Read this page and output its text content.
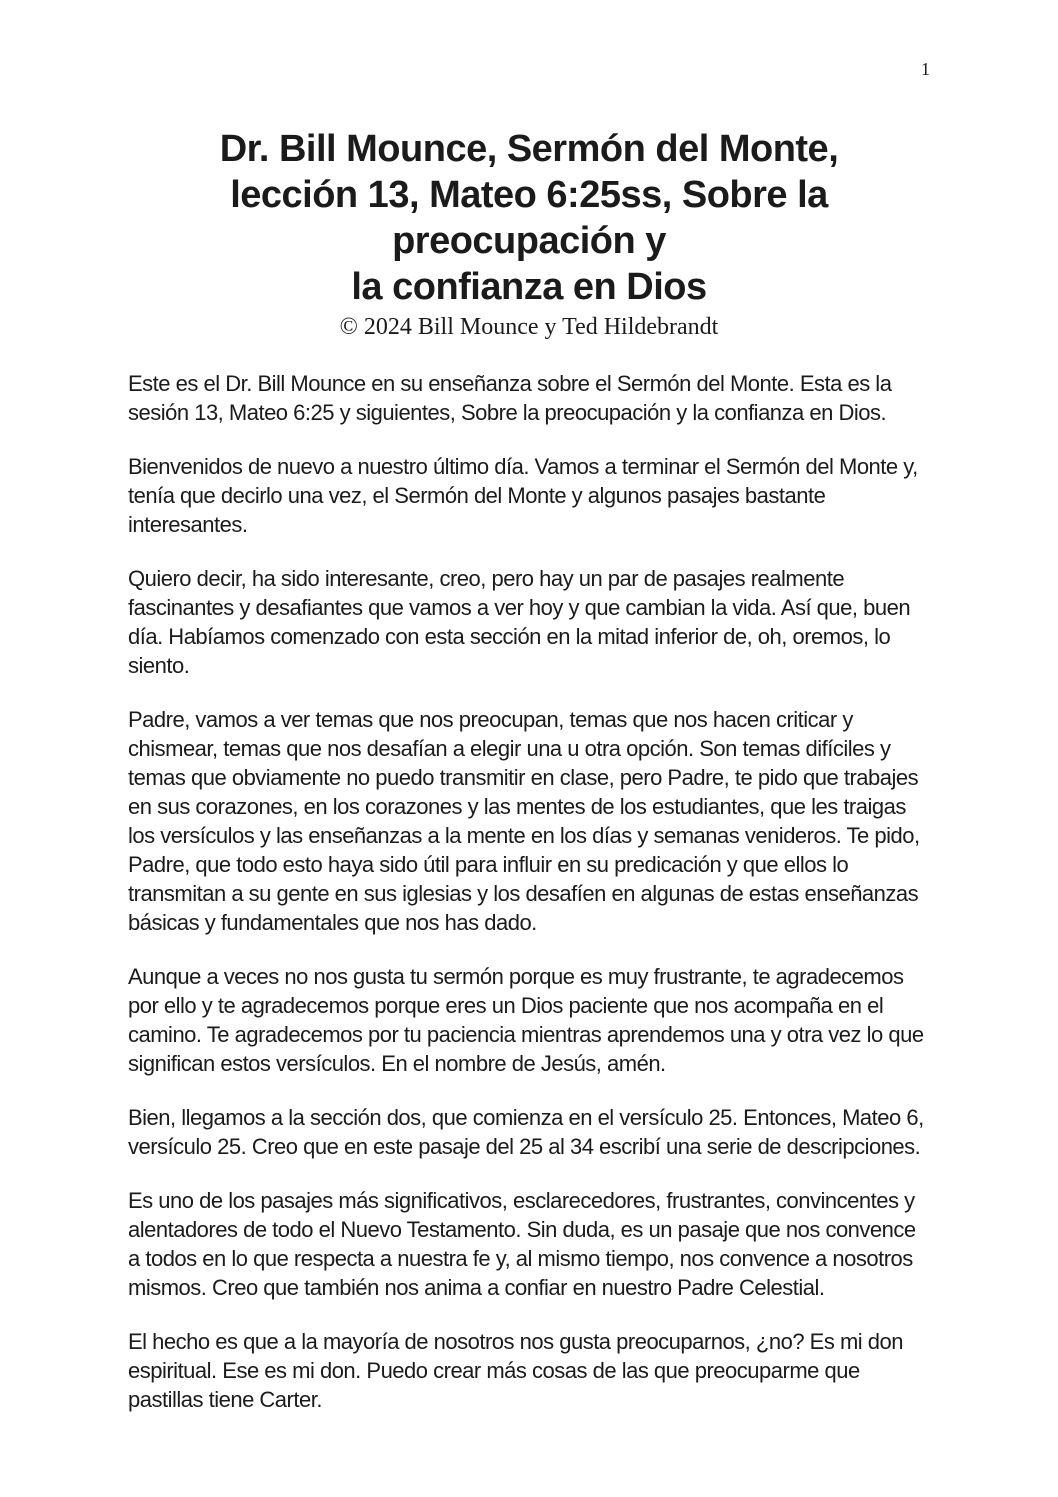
1
Dr. Bill Mounce, Sermón del Monte,
lección 13, Mateo 6:25ss, Sobre la preocupación y
la confianza en Dios
© 2024 Bill Mounce y Ted Hildebrandt

Este es el Dr. Bill Mounce en su enseñanza sobre el Sermón del Monte. Esta es la sesión 13, Mateo 6:25 y siguientes, Sobre la preocupación y la confianza en Dios.

Bienvenidos de nuevo a nuestro último día. Vamos a terminar el Sermón del Monte y, tenía que decirlo una vez, el Sermón del Monte y algunos pasajes bastante interesantes.

Quiero decir, ha sido interesante, creo, pero hay un par de pasajes realmente fascinantes y desafiantes que vamos a ver hoy y que cambian la vida. Así que, buen día. Habíamos comenzado con esta sección en la mitad inferior de, oh, oremos, lo siento.

Padre, vamos a ver temas que nos preocupan, temas que nos hacen criticar y chismear, temas que nos desafían a elegir una u otra opción. Son temas difíciles y temas que obviamente no puedo transmitir en clase, pero Padre, te pido que trabajes en sus corazones, en los corazones y las mentes de los estudiantes, que les traigas los versículos y las enseñanzas a la mente en los días y semanas venideros. Te pido, Padre, que todo esto haya sido útil para influir en su predicación y que ellos lo transmitan a su gente en sus iglesias y los desafíen en algunas de estas enseñanzas básicas y fundamentales que nos has dado.

Aunque a veces no nos gusta tu sermón porque es muy frustrante, te agradecemos por ello y te agradecemos porque eres un Dios paciente que nos acompaña en el camino. Te agradecemos por tu paciencia mientras aprendemos una y otra vez lo que significan estos versículos. En el nombre de Jesús, amén.

Bien, llegamos a la sección dos, que comienza en el versículo 25. Entonces, Mateo 6, versículo 25. Creo que en este pasaje del 25 al 34 escribí una serie de descripciones.

Es uno de los pasajes más significativos, esclarecedores, frustrantes, convincentes y alentadores de todo el Nuevo Testamento. Sin duda, es un pasaje que nos convence a todos en lo que respecta a nuestra fe y, al mismo tiempo, nos convence a nosotros mismos. Creo que también nos anima a confiar en nuestro Padre Celestial.

El hecho es que a la mayoría de nosotros nos gusta preocuparnos, ¿no? Es mi don espiritual. Ese es mi don. Puedo crear más cosas de las que preocuparme que pastillas tiene Carter.
